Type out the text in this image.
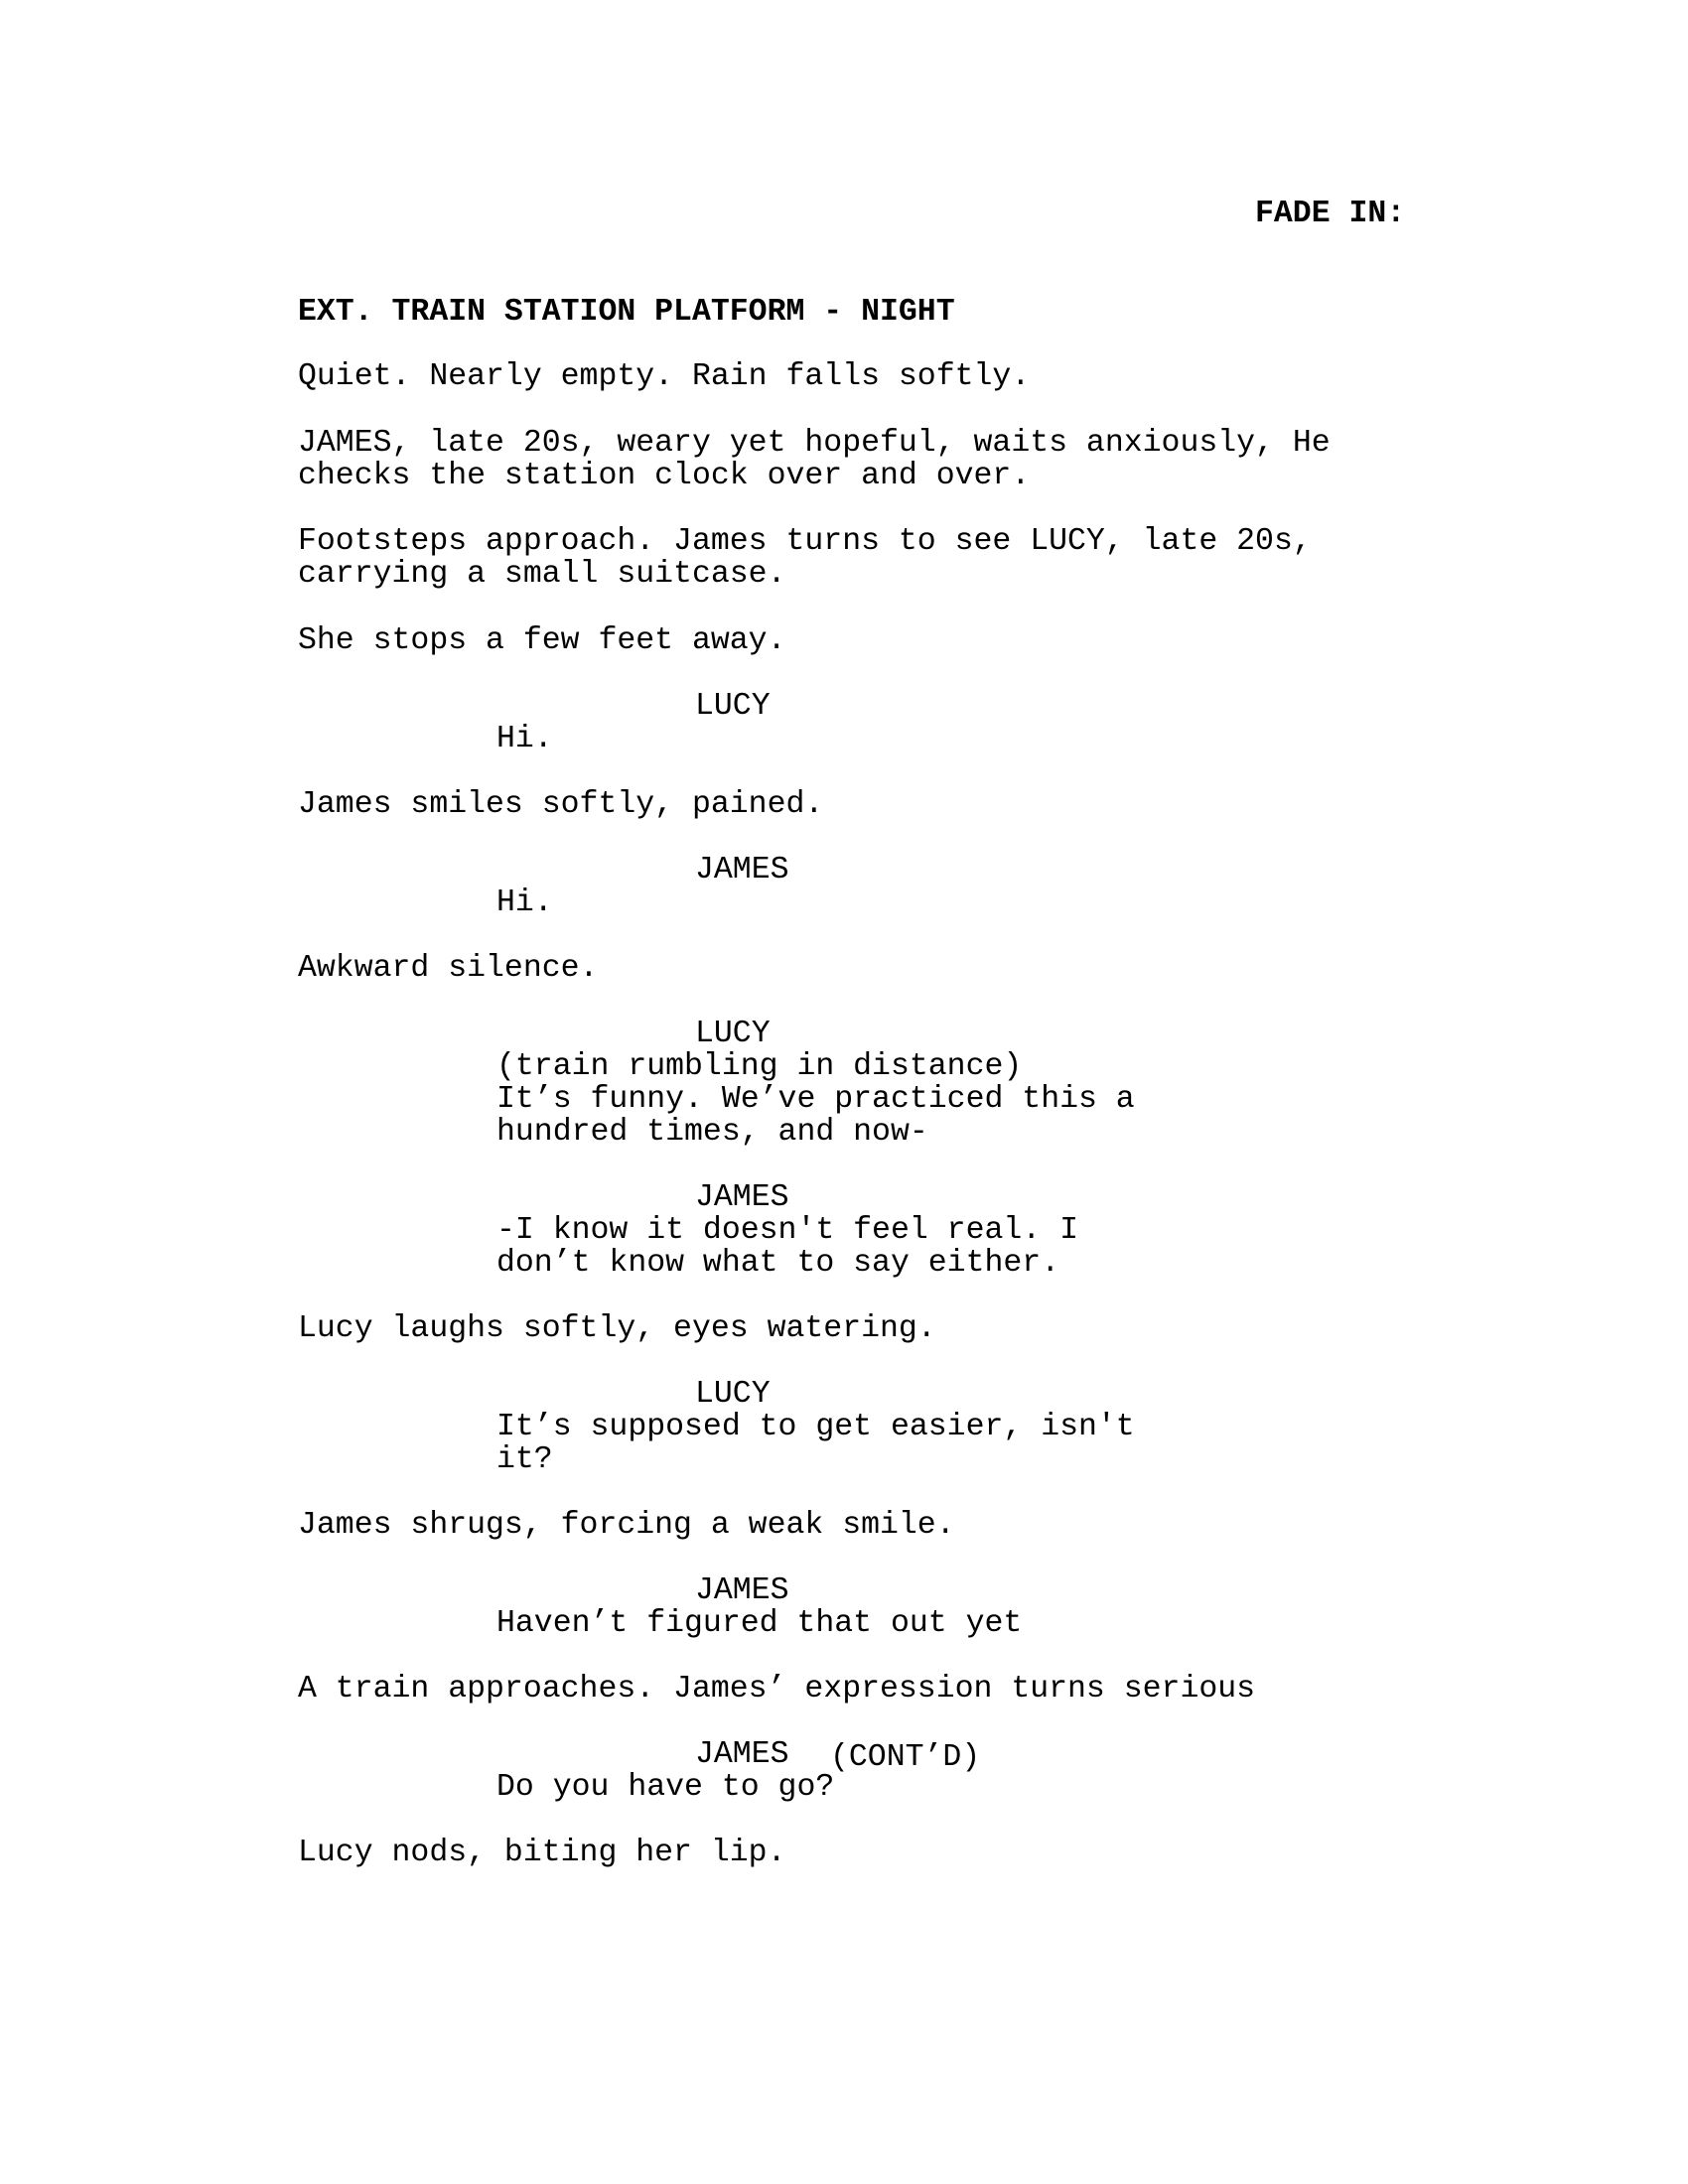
FADE IN:
EXT. TRAIN STATION PLATFORM - NIGHT
Quiet. Nearly empty. Rain falls softly.
JAMES, late 20s, weary yet hopeful, waits anxiously, He
checks the station clock over and over.
Footsteps approach. James turns to see LUCY, late 20s,
carrying a small suitcase.
She stops a few feet away.
LUCY
Hi.
James smiles softly, pained.
JAMES
Hi.
Awkward silence.
LUCY
(train rumbling in distance)
It’s funny. We’ve practiced this a
hundred times, and now-
JAMES
-I know it doesn't feel real. I
don’t know what to say either.
Lucy laughs softly, eyes watering.
LUCY
It’s supposed to get easier, isn't
it?
James shrugs, forcing a weak smile.
JAMES
Haven’t figured that out yet
A train approaches. James’ expression turns serious
JAMES (CONT’D)
Do you have to go?
Lucy nods, biting her lip.
